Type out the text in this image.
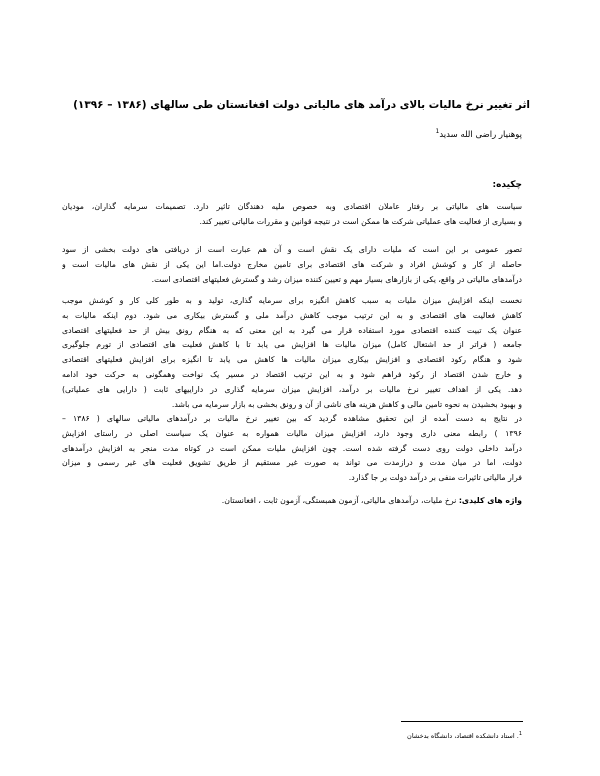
اثر تغییر نرخ مالیات بالای درآمد های مالیاتی دولت افغانستان طی سالهای (۱۳۸۶ – ۱۳۹۶)
پوهنیار راضی الله سدید$^1$
چکیده:
سیاست های مالیاتی بر رفتار عاملان اقتصادی وبه خصوص ملیه دهندگان تاثیر دارد. تصمیمات سرمایه گذاران، مودیان
و بسیاری از فعالیت های عملیاتی شرکت ها ممکن است در نتیجه قوانین و مقررات مالیاتی تغییر کند.
تصور عمومی بر این است که ملیات دارای یک نقش است و آن هم عبارت است از دریافتی های دولت بخشی از سود
حاصله از کار و کوشش افراد و شرکت های اقتصادی برای تامین مخارج دولت.اما این یکی از نقش های مالیات است و
درآمدهای مالیاتی در واقع، یکی از بازارهای بسیار مهم و تعیین کننده میزان رشد و گسترش فعلیتهای اقتصادی است.
نخست اینکه افزایش میزان ملیات به سبب کاهش انگیزه برای سرمایه گذاری، تولید و به طور کلی کار و کوشش موجب
کاهش فعالیت های اقتصادی و به این ترتیب موجب کاهش درآمد ملی و گسترش بیکاری می شود. دوم اینکه مالیات به
عنوان یک تبیت کننده اقتصادی مورد استفاده قرار می گیرد به این معنی که به هنگام رونق بیش از حد فعلیتهای اقتصادی
جامعه ( فراتر از حد اشتغال کامل) میزان مالیات ها افزایش می یابد تا با کاهش فعلیت های اقتصادی از تورم جلوگیری
شود و هنگام رکود اقتصادی و افزایش بیکاری میزان مالیات ها کاهش می یابد تا انگیزه برای افزایش فعلیتهای اقتصادی
و خارج شدن اقتصاد از رکود فراهم شود و به این ترتیب اقتصاد در مسیر یک نواخت وهمگونی به حرکت خود ادامه
دهد. یکی از اهداف تغییر نرخ مالیات بر درآمد، افزایش میزان سرمایه گذاری در داراییهای ثابت ( دارایی های عملیاتی)
و بهبود بخشیدن به نحوه تامین مالی و کاهش هزینه های ناشی از آن و رونق بخشی به بازار سرمایه می باشد.
در نتایج به دست آمده از این تحقیق مشاهده گردید که بین تغییر نرخ مالیات بر درآمدهای مالیاتی سالهای ( ۱۳۸۶ –
۱۳۹۶ ) رابطه معنی داری وجود دارد، افزایش میزان مالیات همواره به عنوان یک سیاست اصلی در راستای افزایش
درآمد داخلی دولت روی دست گرفته شده است. چون افزایش ملیات ممکن است در کوتاه مدت منجر به افزایش درآمدهای
دولت، اما در میان مدت و درازمدت می تواند به صورت غیر مستقیم از طریق تشویق فعلیت های غیر رسمی و میزان
فرار مالیاتی تاثیرات منفی بر درآمد دولت بر جا گذارد.
واژه های کلیدی: نرخ ملیات، درآمدهای مالیاتی، آزمون همبستگی، آزمون ثابت ، افغانستان.
$^1$. استاد دانشکده اقتصاد، دانشگاه بدخشان
